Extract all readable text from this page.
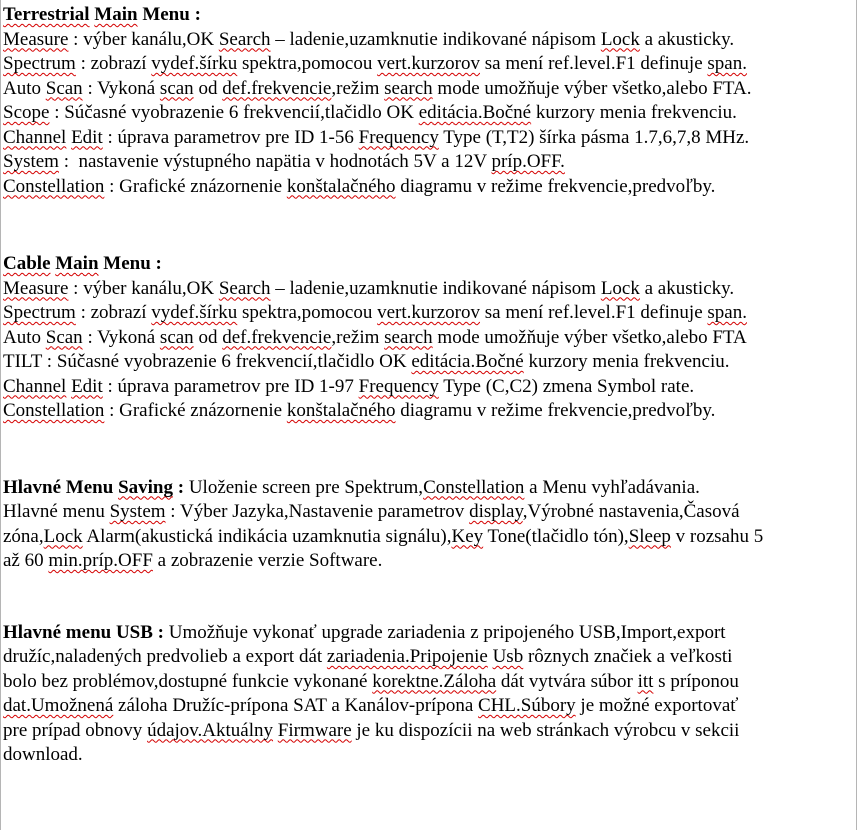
Terrestrial Main Menu :
Measure : výber kanálu,OK Search – ladenie,uzamknutie indikované nápisom Lock a akusticky.
Spectrum : zobrazí vydef.šírku spektra,pomocou vert.kurzorov sa mení ref.level.F1 definuje span.
Auto Scan : Vykoná scan od def.frekvencie,režim search mode umožňuje výber všetko,alebo FTA.
Scope : Súčasné vyobrazenie 6 frekvencií,tlačidlo OK editácia.Bočné kurzory menia frekvenciu.
Channel Edit : úprava parametrov pre ID 1-56 Frequency Type (T,T2) šírka pásma 1.7,6,7,8 MHz.
System :  nastavenie výstupného napätia v hodnotách 5V a 12V príp.OFF.
Constellation : Grafické znázornenie konštalačného diagramu v režime frekvencie,predvoľby.
Cable Main Menu :
Measure : výber kanálu,OK Search – ladenie,uzamknutie indikované nápisom Lock a akusticky.
Spectrum : zobrazí vydef.šírku spektra,pomocou vert.kurzorov sa mení ref.level.F1 definuje span.
Auto Scan : Vykoná scan od def.frekvencie,režim search mode umožňuje výber všetko,alebo FTA
TILT : Súčasné vyobrazenie 6 frekvencií,tlačidlo OK editácia.Bočné kurzory menia frekvenciu.
Channel Edit : úprava parametrov pre ID 1-97 Frequency Type (C,C2) zmena Symbol rate.
Constellation : Grafické znázornenie konštalačného diagramu v režime frekvencie,predvoľby.
Hlavné Menu Saving : Uloženie screen pre Spektrum,Constellation a Menu vyhľadávania.
Hlavné menu System : Výber Jazyka,Nastavenie parametrov display,Výrobné nastavenia,Časová
zóna,Lock Alarm(akustická indikácia uzamknutia signálu),Key Tone(tlačidlo tón),Sleep v rozsahu 5
až 60 min.príp.OFF a zobrazenie verzie Software.
Hlavné menu USB : Umožňuje vykonať upgrade zariadenia z pripojeného USB,Import,export
družíc,naladených predvolieb a export dát zariadenia.Pripojenie Usb rôznych značiek a veľkosti
bolo bez problémov,dostupné funkcie vykonané korektne.Záloha dát vytvára súbor itt s príponou
dat.Umožnená záloha Družíc-prípona SAT a Kanálov-prípona CHL.Súbory je možné exportovať
pre prípad obnovy údajov.Aktuálny Firmware je ku dispozícii na web stránkach výrobcu v sekcii
download.
